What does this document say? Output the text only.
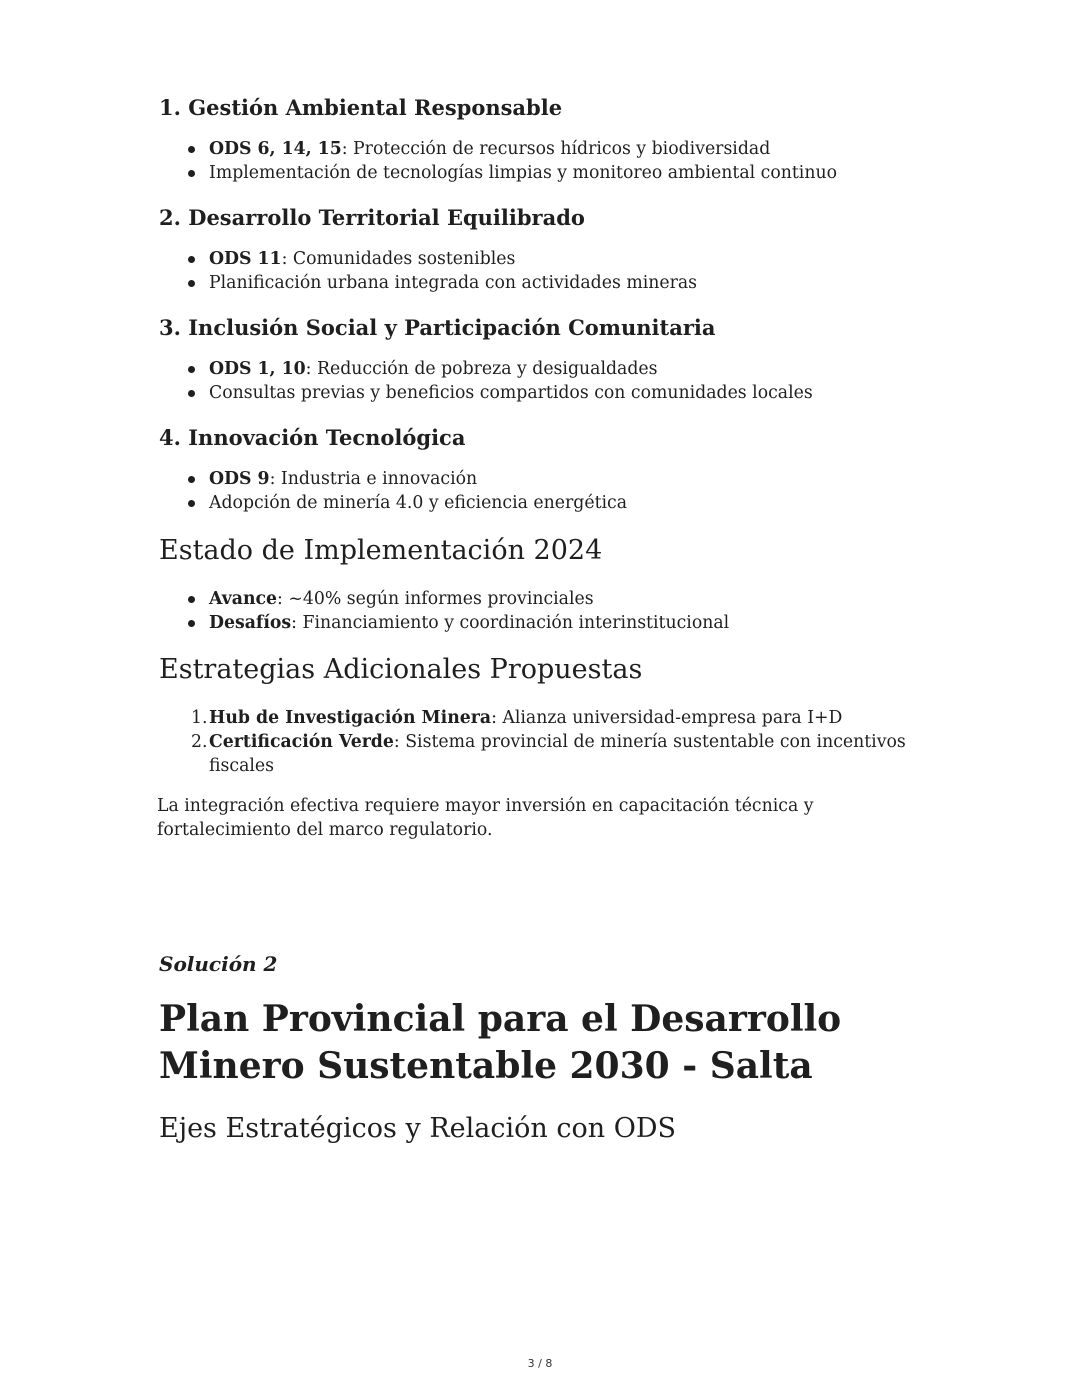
1. Gestión Ambiental Responsable
ODS 6, 14, 15: Protección de recursos hídricos y biodiversidad
Implementación de tecnologías limpias y monitoreo ambiental continuo
2. Desarrollo Territorial Equilibrado
ODS 11: Comunidades sostenibles
Planificación urbana integrada con actividades mineras
3. Inclusión Social y Participación Comunitaria
ODS 1, 10: Reducción de pobreza y desigualdades
Consultas previas y beneficios compartidos con comunidades locales
4. Innovación Tecnológica
ODS 9: Industria e innovación
Adopción de minería 4.0 y eficiencia energética
Estado de Implementación 2024
Avance: ~40% según informes provinciales
Desafíos: Financiamiento y coordinación interinstitucional
Estrategias Adicionales Propuestas
1. Hub de Investigación Minera: Alianza universidad-empresa para I+D
2. Certificación Verde: Sistema provincial de minería sustentable con incentivos fiscales

La integración efectiva requiere mayor inversión en capacitación técnica y fortalecimiento del marco regulatorio.

Solución 2

Plan Provincial para el Desarrollo Minero Sustentable 2030 - Salta
Ejes Estratégicos y Relación con ODS
3 / 8
